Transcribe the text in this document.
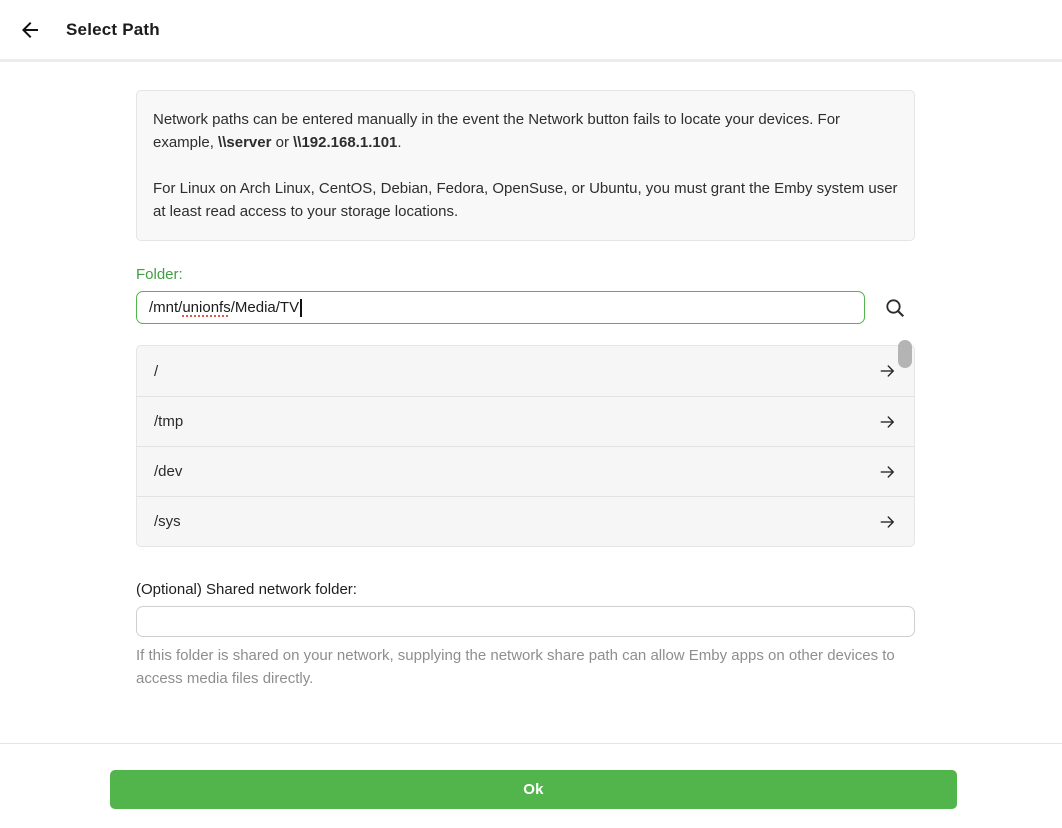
Select Path

Network paths can be entered manually in the event the Network button fails to locate your devices. For example, \\server or \\192.168.1.101.

For Linux on Arch Linux, CentOS, Debian, Fedora, OpenSuse, or Ubuntu, you must grant the Emby system user at least read access to your storage locations.

Folder:
/mnt/ unionfs /Media/TV
/
/tmp
/dev
/sys
(Optional) Shared network folder:
If this folder is shared on your network, supplying the network share path can allow Emby apps on other devices to access media files directly.
Ok
